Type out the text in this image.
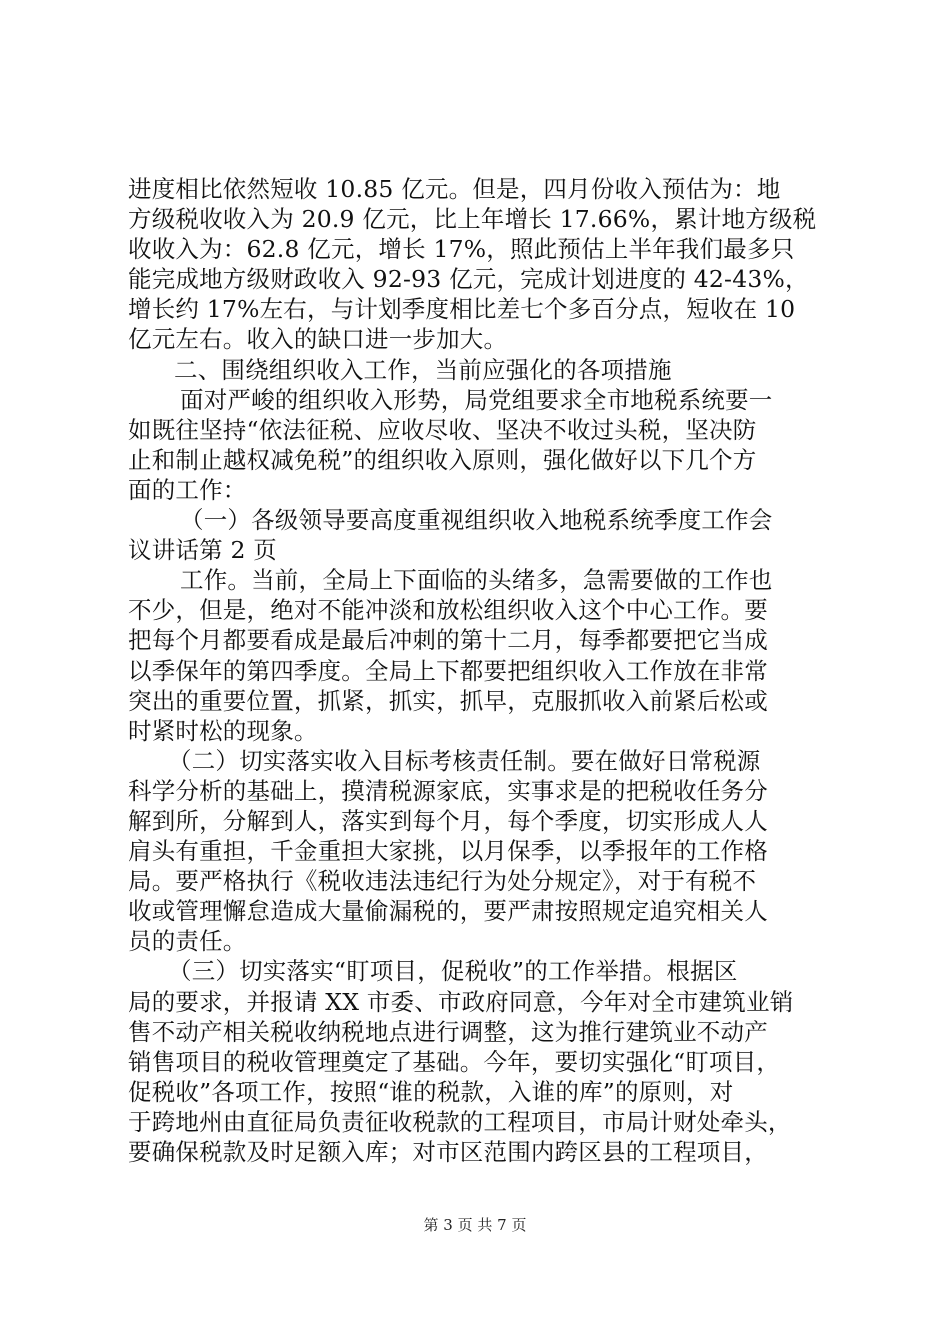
进度相比依然短收 10.85 亿元。但是，四月份收入预估为：地
方级税收收入为 20.9 亿元，比上年增长 17.66%，累计地方级税
收收入为：62.8 亿元，增长 17%，照此预估上半年我们最多只
能完成地方级财政收入 92-93 亿元，完成计划进度的 42-43%，
增长约 17%左右，与计划季度相比差七个多百分点，短收在 10
亿元左右。收入的缺口进一步加大。
二、围绕组织收入工作，当前应强化的各项措施
面对严峻的组织收入形势，局党组要求全市地税系统要一
如既往坚持“依法征税、应收尽收、坚决不收过头税，坚决防
止和制止越权减免税”的组织收入原则，强化做好以下几个方
面的工作：
（一）各级领导要高度重视组织收入地税系统季度工作会
议讲话第 2 页
工作。当前，全局上下面临的头绪多，急需要做的工作也
不少，但是，绝对不能冲淡和放松组织收入这个中心工作。要
把每个月都要看成是最后冲刺的第十二月，每季都要把它当成
以季保年的第四季度。全局上下都要把组织收入工作放在非常
突出的重要位置，抓紧，抓实，抓早，克服抓收入前紧后松或
时紧时松的现象。
（二）切实落实收入目标考核责任制。要在做好日常税源
科学分析的基础上，摸清税源家底，实事求是的把税收任务分
解到所，分解到人，落实到每个月，每个季度，切实形成人人
肩头有重担，千金重担大家挑，以月保季，以季报年的工作格
局。要严格执行《税收违法违纪行为处分规定》，对于有税不
收或管理懈怠造成大量偷漏税的，要严肃按照规定追究相关人
员的责任。
（三）切实落实“盯项目，促税收”的工作举措。根据区
局的要求，并报请 XX 市委、市政府同意，今年对全市建筑业销
售不动产相关税收纳税地点进行调整，这为推行建筑业不动产
销售项目的税收管理奠定了基础。今年，要切实强化“盯项目，
促税收”各项工作，按照“谁的税款，入谁的库”的原则，对
于跨地州由直征局负责征收税款的工程项目，市局计财处牵头，
要确保税款及时足额入库；对市区范围内跨区县的工程项目，
第 3 页 共 7 页
